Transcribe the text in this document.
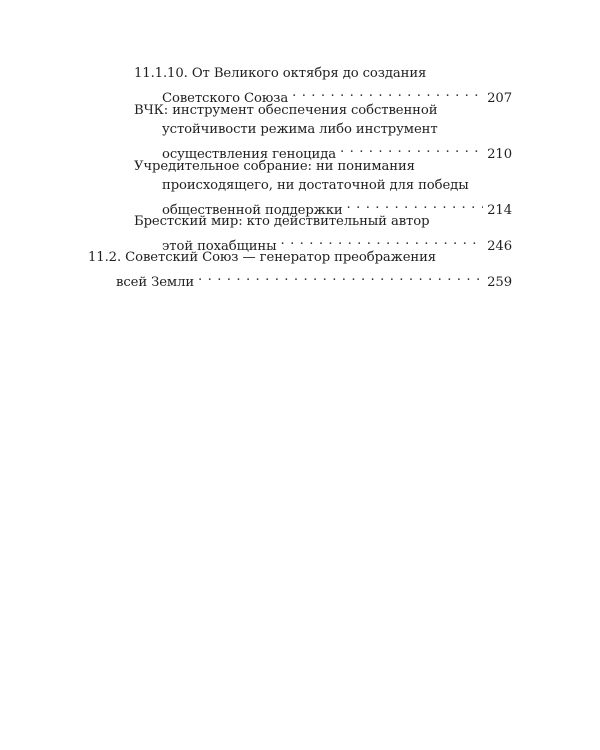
11.1.10. От Великого октября до создания
Советского Союза . . .	207
ВЧК: инструмент обеспечения собственной
устойчивости режима либо инструмент
осуществления геноцида . . .	210
Учредительное собрание: ни понимания
происходящего, ни достаточной для победы
общественной поддержки . . .	214
Брестский мир: кто действительный автор
этой похабщины . . .	246
11.2. Советский Союз — генератор преображения
всей Земли . . .	259
